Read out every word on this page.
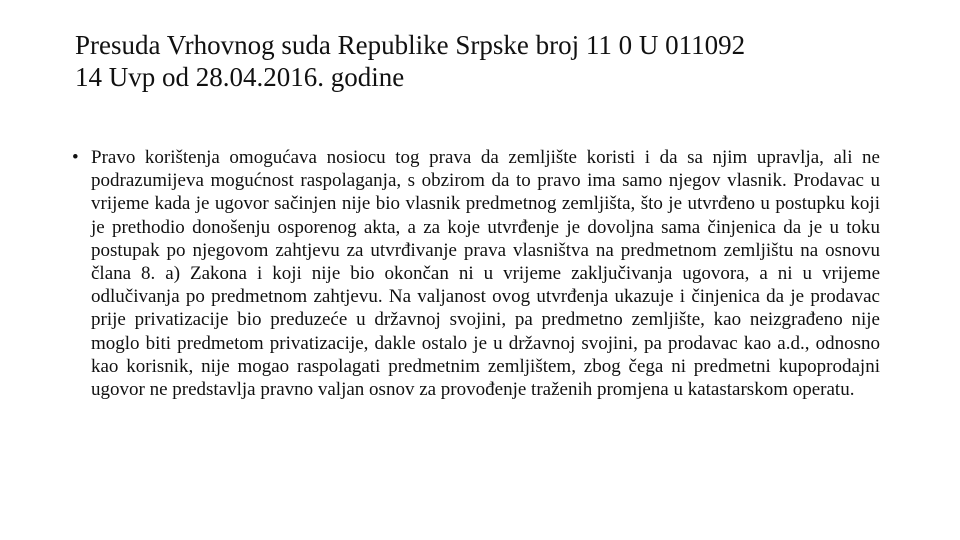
Presuda Vrhovnog suda Republike Srpske broj 11 0 U 011092
14 Uvp od 28.04.2016. godine
• Pravo korištenja omogućava nosiocu tog prava da zemljište koristi i da sa njim upravlja, ali ne podrazumijeva mogućnost raspolaganja, s obzirom da to pravo ima samo njegov vlasnik. Prodavac u vrijeme kada je ugovor sačinjen nije bio vlasnik predmetnog zemljišta, što je utvrđeno u postupku koji je prethodio donošenju osporenog akta, a za koje utvrđenje je dovoljna sama činjenica da je u toku postupak po njegovom zahtjevu za utvrđivanje prava vlasništva na predmetnom zemljištu na osnovu člana 8. a) Zakona i koji nije bio okončan ni u vrijeme zaključivanja ugovora, a ni u vrijeme odlučivanja po predmetnom zahtjevu. Na valjanost ovog utvrđenja ukazuje i činjenica da je prodavac prije privatizacije bio preduzeće u državnoj svojini, pa predmetno zemljište, kao neizgrađeno nije moglo biti predmetom privatizacije, dakle ostalo je u državnoj svojini, pa prodavac kao a.d., odnosno kao korisnik, nije mogao raspolagati predmetnim zemljištem, zbog čega ni predmetni kupoprodajni ugovor ne predstavlja pravno valjan osnov za provođenje traženih promjena u katastarskom operatu.
